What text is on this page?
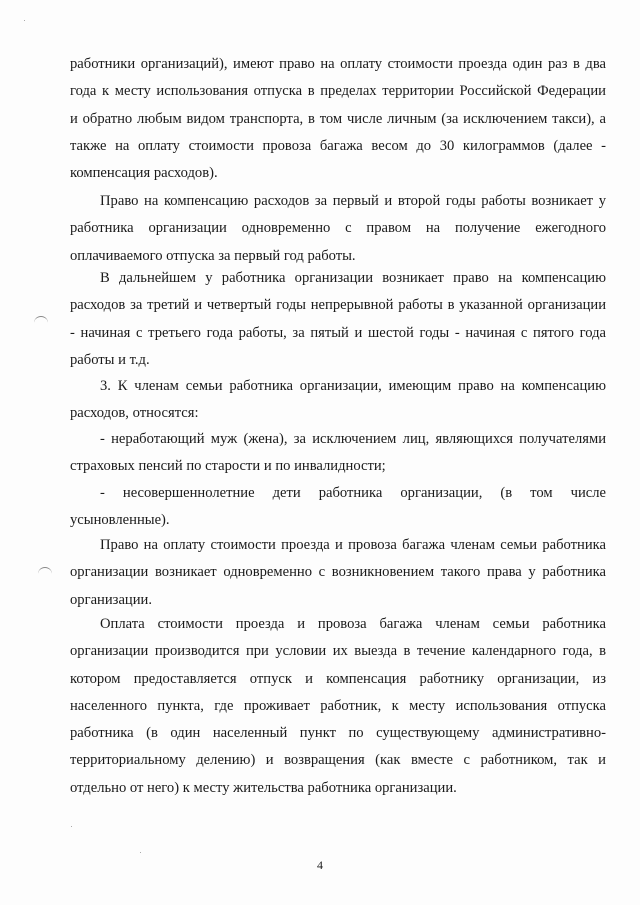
работники организаций), имеют право на оплату стоимости проезда один раз в два
года к месту использования отпуска в пределах территории Российской Федерации
и обратно любым видом транспорта, в том числе личным (за исключением такси), а
также на оплату стоимости провоза багажа весом до 30 килограммов (далее -
компенсация расходов).
Право на компенсацию расходов за первый и второй годы работы возникает у
работника организации одновременно с правом на получение ежегодного
оплачиваемого отпуска за первый год работы.
В дальнейшем у работника организации возникает право на компенсацию
расходов за третий и четвертый годы непрерывной работы в указанной организации
- начиная с третьего года работы, за пятый и шестой годы - начиная с пятого года
работы и т.д.
3. К членам семьи работника организации, имеющим право на компенсацию
расходов, относятся:
- неработающий муж (жена), за исключением лиц, являющихся получателями
страховых пенсий по старости и по инвалидности;
- несовершеннолетние дети работника организации, (в том числе
усыновленные).
Право на оплату стоимости проезда и провоза багажа членам семьи работника
организации возникает одновременно с возникновением такого права у работника
организации.
Оплата стоимости проезда и провоза багажа членам семьи работника
организации производится при условии их выезда в течение календарного года, в
котором предоставляется отпуск и компенсация работнику организации, из
населенного пункта, где проживает работник, к месту использования отпуска
работника (в один населенный пункт по существующему административно-
территориальному делению) и возвращения (как вместе с работником, так и
отдельно от него) к месту жительства работника организации.
4
